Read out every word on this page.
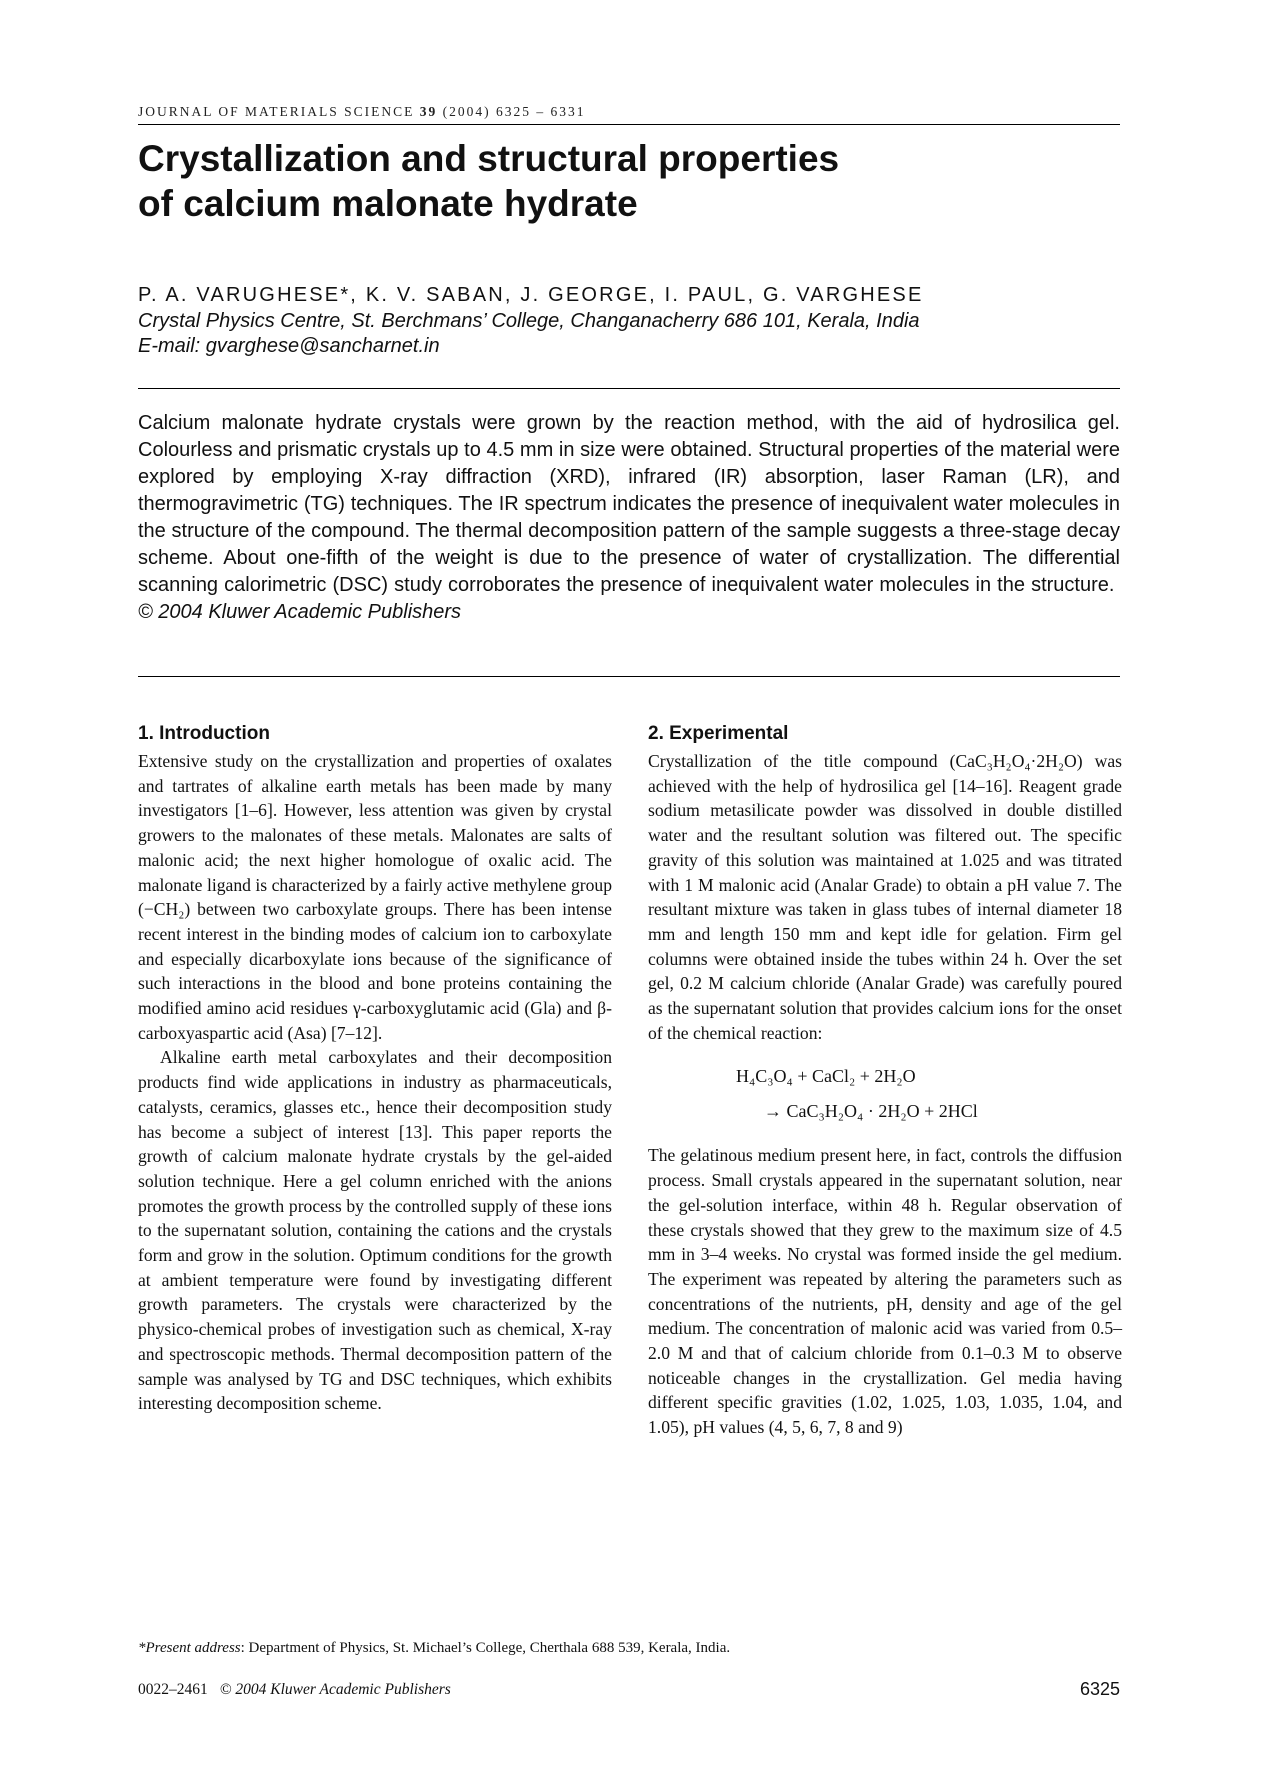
JOURNAL OF MATERIALS SCIENCE 39 (2004) 6325 – 6331
Crystallization and structural properties
of calcium malonate hydrate
P. A. VARUGHESE*, K. V. SABAN, J. GEORGE, I. PAUL, G. VARGHESE
Crystal Physics Centre, St. Berchmans’ College, Changanacherry 686 101, Kerala, India
E-mail: gvarghese@sancharnet.in

Calcium malonate hydrate crystals were grown by the reaction method, with the aid of hydrosilica gel. Colourless and prismatic crystals up to 4.5 mm in size were obtained. Structural properties of the material were explored by employing X-ray diffraction (XRD), infrared (IR) absorption, laser Raman (LR), and thermogravimetric (TG) techniques. The IR spectrum indicates the presence of inequivalent water molecules in the structure of the compound. The thermal decomposition pattern of the sample suggests a three-stage decay scheme. About one-fifth of the weight is due to the presence of water of crystallization. The differential scanning calorimetric (DSC) study corroborates the presence of inequivalent water molecules in the structure.  © 2004 Kluwer Academic Publishers

1. Introduction

Extensive study on the crystallization and properties of oxalates and tartrates of alkaline earth metals has been made by many investigators [1–6]. However, less attention was given by crystal growers to the malonates of these metals. Malonates are salts of malonic acid; the next higher homologue of oxalic acid. The malonate ligand is characterized by a fairly active methylene group (−CH₂) between two carboxylate groups. There has been intense recent interest in the binding modes of calcium ion to carboxylate and especially dicarboxylate ions because of the significance of such interactions in the blood and bone proteins containing the modified amino acid residues γ-carboxyglutamic acid (Gla) and β-carboxyaspartic acid (Asa) [7–12].

Alkaline earth metal carboxylates and their decomposition products find wide applications in industry as pharmaceuticals, catalysts, ceramics, glasses etc., hence their decomposition study has become a subject of interest [13]. This paper reports the growth of calcium malonate hydrate crystals by the gel-aided solution technique. Here a gel column enriched with the anions promotes the growth process by the controlled supply of these ions to the supernatant solution, containing the cations and the crystals form and grow in the solution. Optimum conditions for the growth at ambient temperature were found by investigating different growth parameters. The crystals were characterized by the physico-chemical probes of investigation such as chemical, X-ray and spectroscopic methods. Thermal decomposition pattern of the sample was analysed by TG and DSC techniques, which exhibits interesting decomposition scheme.

2. Experimental

Crystallization of the title compound (CaC₃H₂O₄·2H₂O) was achieved with the help of hydrosilica gel [14–16]. Reagent grade sodium metasilicate powder was dissolved in double distilled water and the resultant solution was filtered out. The specific gravity of this solution was maintained at 1.025 and was titrated with 1 M malonic acid (Analar Grade) to obtain a pH value 7. The resultant mixture was taken in glass tubes of internal diameter 18 mm and length 150 mm and kept idle for gelation. Firm gel columns were obtained inside the tubes within 24 h. Over the set gel, 0.2 M calcium chloride (Analar Grade) was carefully poured as the supernatant solution that provides calcium ions for the onset of the chemical reaction:

H₄C₃O₄ + CaCl₂ + 2H₂O
→ CaC₃H₂O₄ · 2H₂O + 2HCl

The gelatinous medium present here, in fact, controls the diffusion process. Small crystals appeared in the supernatant solution, near the gel-solution interface, within 48 h. Regular observation of these crystals showed that they grew to the maximum size of 4.5 mm in 3–4 weeks. No crystal was formed inside the gel medium. The experiment was repeated by altering the parameters such as concentrations of the nutrients, pH, density and age of the gel medium. The concentration of malonic acid was varied from 0.5–2.0 M and that of calcium chloride from 0.1–0.3 M to observe noticeable changes in the crystallization. Gel media having different specific gravities (1.02, 1.025, 1.03, 1.035, 1.04, and 1.05), pH values (4, 5, 6, 7, 8 and 9)

*Present address: Department of Physics, St. Michael’s College, Cherthala 688 539, Kerala, India.
0022–2461 © 2004 Kluwer Academic Publishers	6325
